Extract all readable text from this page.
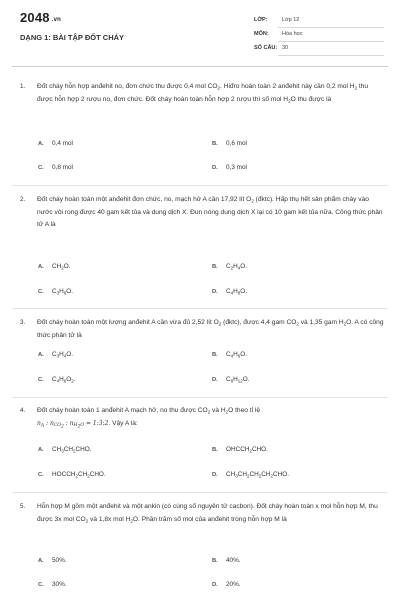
2048 .vn
DẠNG 1: BÀI TẬP ĐỐT CHÁY
LỚP:	Lớp 12
MÔN: Hóa học
SỐ CÂU: 30
1. Đốt cháy hỗn hợp anđehit no, đơn chức thu được 0,4 mol $CO_2$. Hiđro hoàn toàn 2 anđehit này cần 0,2 mol $H_2$ thu được hỗn hợp 2 rượu no, đơn chức. Đốt cháy hoàn toàn hỗn hợp 2 rượu thì số mol $H_2O$ thu được là
A. 0,4 mol	B. 0,6 mol
C. 0,8 mol	D. 0,3 mol
2. Đốt cháy hoàn toàn một anđehit đơn chức, no, mạch hở A cần 17,92 lít $O_2$ (đktc). Hấp thụ hết sản phẩm cháy vào nước vôi rong được 40 gam kết tủa và dung dịch X. Đun nóng dung dịch X lại có 10 gam kết tủa nữa. Công thức phân tử A là
A. $CH_2O$.	B. $C_2H_4O$.
C. $C_3H_6O$.	D. $C_4H_8O$.
3. Đốt cháy hoàn toàn một lượng anđehit A cần vừa đủ 2,52 lít $O_2$ (đktc), được 4,4 gam $CO_2$ và 1,35 gam $H_2O$. A có công thức phân tử là
A. $C_3H_4O$.	B. $C_4H_6O$.
C. $C_4H_6O_2$.	D. $C_8H_{12}O$.
4. Đốt cháy hoàn toàn 1 anđehit A mạch hở, no thu được $CO_2$ và $H_2O$ theo tỉ lệ
$n_A$ : $n_{CO_2}$ : $n_{H_2O}$ = 1:3:2. Vậy A là:
A. $CH_3CH_2CHO$.	B. $OHCCH_2CHO$.
C. $HOCCH_2CH_2CHO$.	D. $CH_3CH_2CH_2CH_2CHO$.
5. Hỗn hợp M gồm một anđehit và một ankin (có cùng số nguyên tử cacbon). Đốt cháy hoàn toàn x mol hỗn hợp M, thu được 3x mol $CO_2$ và 1,8x mol $H_2O$. Phần trăm số mol của anđehit trong hỗn hợp M là
A. 50%.	B. 40%.
C. 30%.	D. 20%.
